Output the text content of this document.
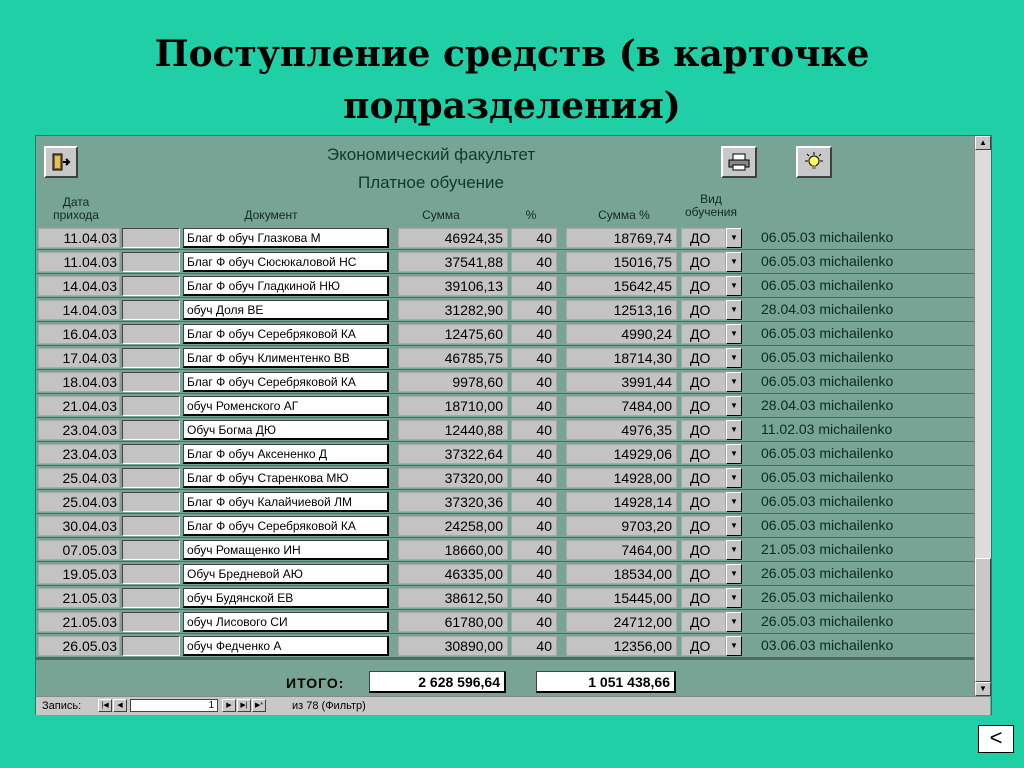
Поступление средств (в карточке
подразделения)
Экономический факультет
Платное обучение
Дата
прихода	Документ	Сумма	%	Сумма %
Вид
обучения
11.04.03	Благ Ф обуч Глазкова М	46924,35	40	18769,74	ДО	▼	06.05.03 michailenko
11.04.03	Благ Ф обуч Сюсюкаловой НС	37541,88	40	15016,75	ДО	▼	06.05.03 michailenko
14.04.03	Благ Ф обуч Гладкиной НЮ	39106,13	40	15642,45	ДО	▼	06.05.03 michailenko
14.04.03	обуч Доля ВЕ	31282,90	40	12513,16	ДО	▼	28.04.03 michailenko
16.04.03	Благ Ф обуч Серебряковой КА	12475,60	40	4990,24	ДО	▼	06.05.03 michailenko
17.04.03	Благ Ф обуч Климентенко ВВ	46785,75	40	18714,30	ДО	▼	06.05.03 michailenko
18.04.03	Благ Ф обуч Серебряковой КА	9978,60	40	3991,44	ДО	▼	06.05.03 michailenko
21.04.03	обуч Роменского АГ	18710,00	40	7484,00	ДО	▼	28.04.03 michailenko
23.04.03	Обуч Богма ДЮ	12440,88	40	4976,35	ДО	▼	11.02.03 michailenko
23.04.03	Благ Ф обуч Аксененко Д	37322,64	40	14929,06	ДО	▼	06.05.03 michailenko
25.04.03	Благ Ф обуч Старенкова МЮ	37320,00	40	14928,00	ДО	▼	06.05.03 michailenko
25.04.03	Благ Ф обуч Калайчиевой ЛМ	37320,36	40	14928,14	ДО	▼	06.05.03 michailenko
30.04.03	Благ Ф обуч Серебряковой КА	24258,00	40	9703,20	ДО	▼	06.05.03 michailenko
07.05.03	обуч Ромащенко ИН	18660,00	40	7464,00	ДО	▼	21.05.03 michailenko
19.05.03	Обуч Бредневой АЮ	46335,00	40	18534,00	ДО	▼	26.05.03 michailenko
21.05.03	обуч Будянской ЕВ	38612,50	40	15445,00	ДО	▼	26.05.03 michailenko
21.05.03	обуч Лисового СИ	61780,00	40	24712,00	ДО	▼	26.05.03 michailenko
26.05.03	обуч Федченко А	30890,00	40	12356,00	ДО	▼	03.06.03 michailenko
ИТОГО:	2 628 596,64	1 051 438,66
▲
▼
Запись:	|◀	◀	1	▶	▶|	▶*	из 78 (Фильтр)
<
